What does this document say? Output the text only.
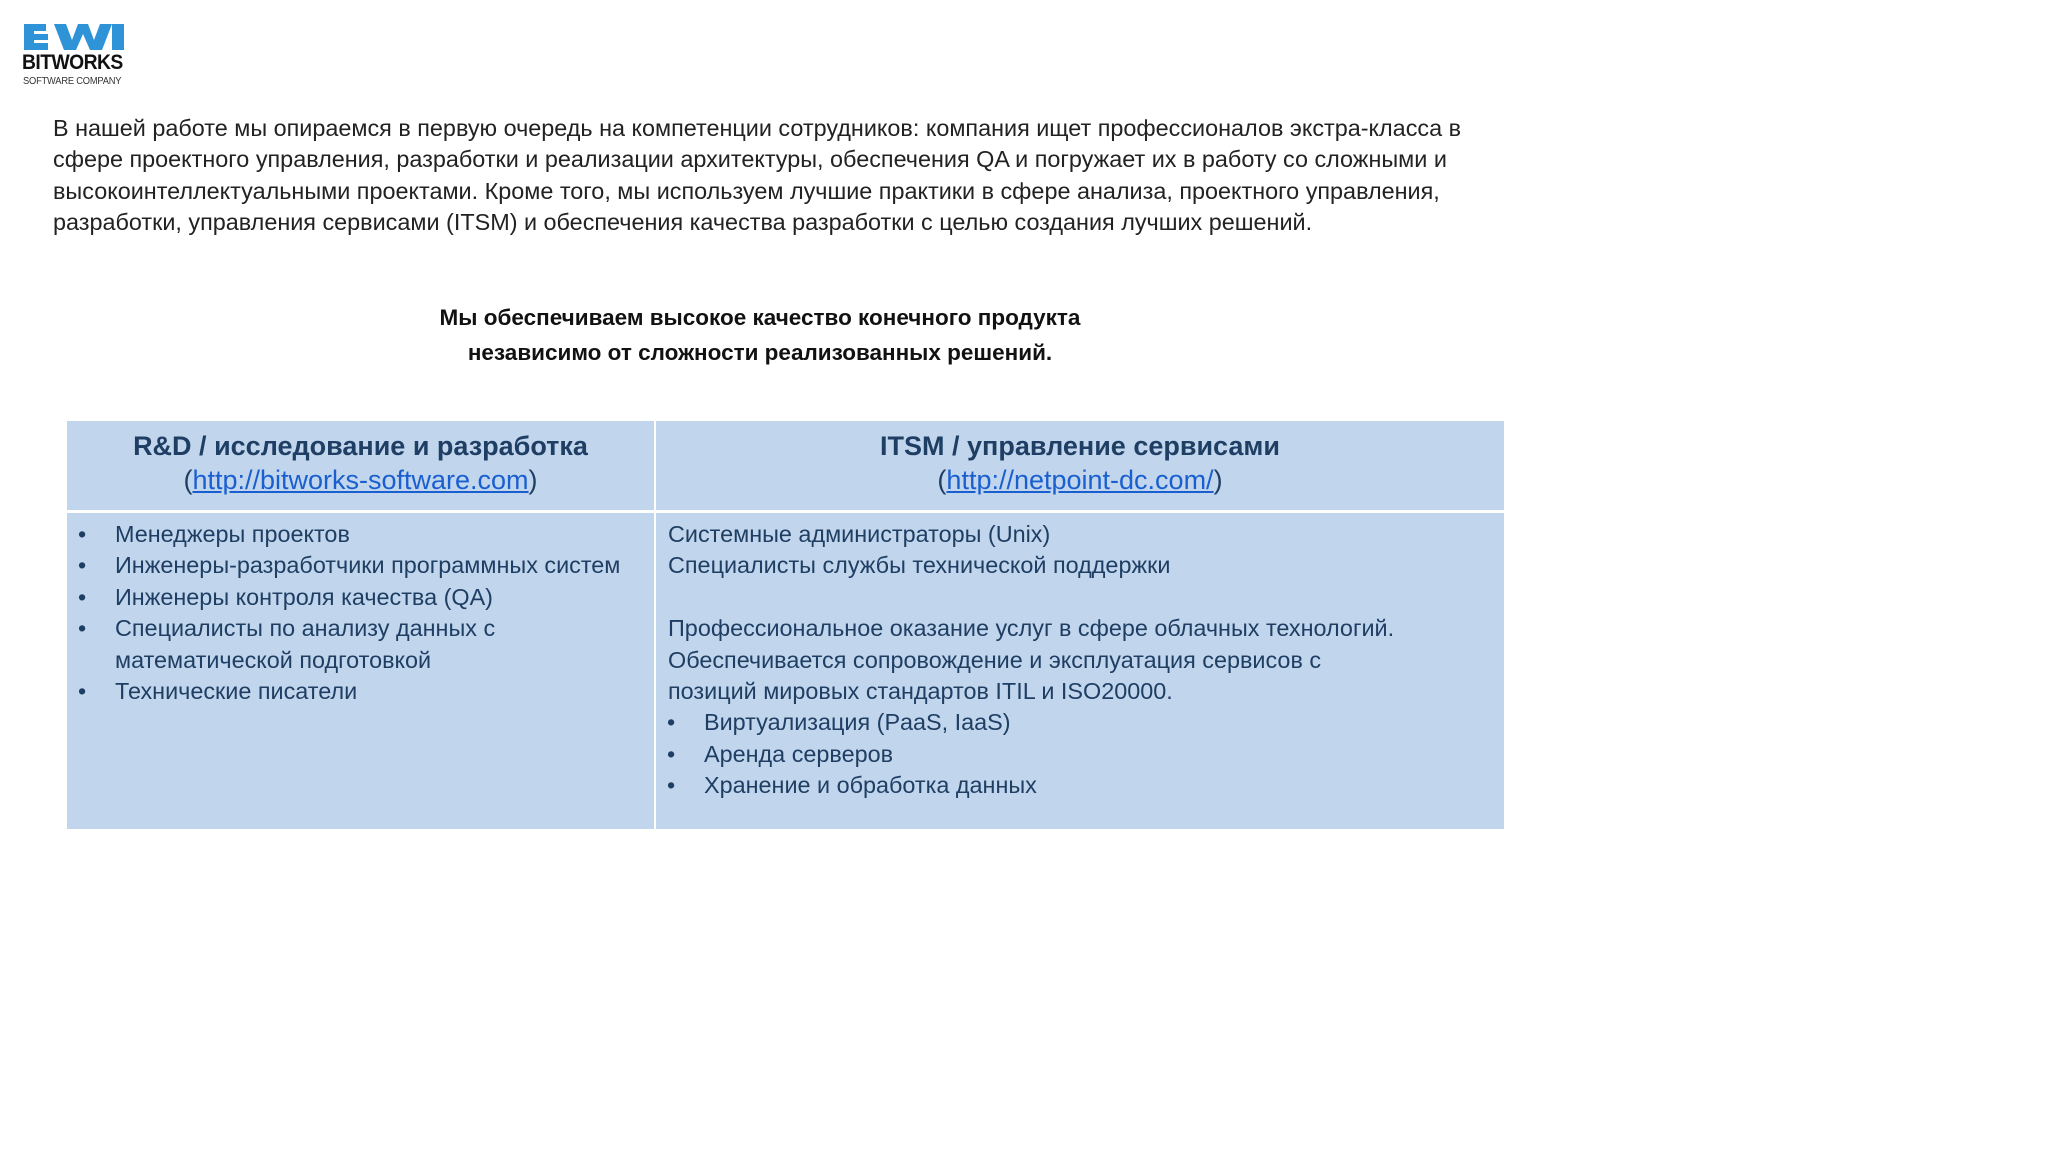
BITWORKS
SOFTWARE COMPANY
В нашей работе мы опираемся в первую очередь на компетенции сотрудников: компания ищет профессионалов экстра-класса в сфере проектного управления, разработки и реализации архитектуры, обеспечения QA и погружает их в работу со сложными и высокоинтеллектуальными проектами. Кроме того, мы используем лучшие практики в сфере анализа, проектного управления, разработки, управления сервисами (ITSM) и обеспечения качества разработки с целью создания лучших решений.
Мы обеспечиваем высокое качество конечного продукта
независимо от сложности реализованных решений.
R&D / исследование и разработка
(http://bitworks-software.com)
ITSM / управление сервисами
(http://netpoint-dc.com/)
• Менеджеры проектов
• Инженеры-разработчики программных систем
• Инженеры контроля качества (QA)
• Специалисты по анализу данных с математической подготовкой
• Технические писатели
Системные администраторы (Unix)
Специалисты службы технической поддержки
Профессиональное оказание услуг в сфере облачных технологий.
Обеспечивается сопровождение и эксплуатация сервисов с
позиций мировых стандартов ITIL и ISO20000.
• Виртуализация (PaaS, IaaS)
• Аренда серверов
• Хранение и обработка данных
